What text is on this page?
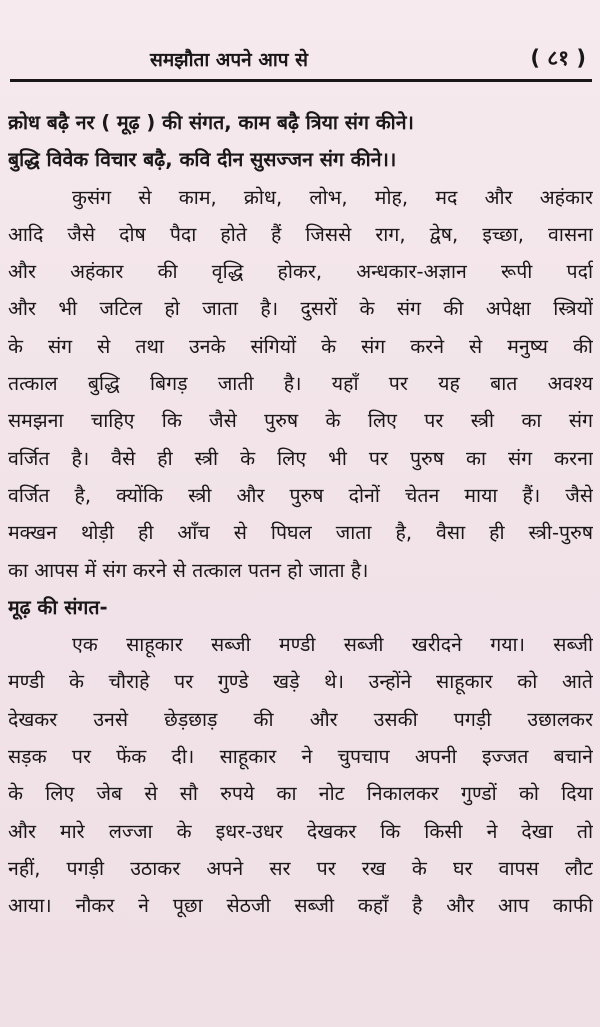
समझौता अपने आप से	( ८१ )
क्रोध बढ़ै नर ( मूढ़ ) की संगत, काम बढ़ै त्रिया संग कीने।
बुद्धि विवेक विचार बढ़ै, कवि दीन सुसज्जन संग कीने।।
कुसंग से काम, क्रोध, लोभ, मोह, मद और अहंकार
आदि जैसे दोष पैदा होते हैं जिससे राग, द्वेष, इच्छा, वासना
और अहंकार की वृद्धि होकर, अन्धकार-अज्ञान रूपी पर्दा
और भी जटिल हो जाता है। दुसरों के संग की अपेक्षा स्त्रियों
के संग से तथा उनके संगियों के संग करने से मनुष्य की
तत्काल बुद्धि बिगड़ जाती है। यहाँ पर यह बात अवश्य
समझना चाहिए कि जैसे पुरुष के लिए पर स्त्री का संग
वर्जित है। वैसे ही स्त्री के लिए भी पर पुरुष का संग करना
वर्जित है, क्योंकि स्त्री और पुरुष दोनों चेतन माया हैं। जैसे
मक्खन थोड़ी ही आँच से पिघल जाता है, वैसा ही स्त्री-पुरुष
का आपस में संग करने से तत्काल पतन हो जाता है।
मूढ़ की संगत-
एक साहूकार सब्जी मण्डी सब्जी खरीदने गया। सब्जी
मण्डी के चौराहे पर गुण्डे खड़े थे। उन्होंने साहूकार को आते
देखकर उनसे छेड़छाड़ की और उसकी पगड़ी उछालकर
सड़क पर फेंक दी। साहूकार ने चुपचाप अपनी इज्जत बचाने
के लिए जेब से सौ रुपये का नोट निकालकर गुण्डों को दिया
और मारे लज्जा के इधर-उधर देखकर कि किसी ने देखा तो
नहीं, पगड़ी उठाकर अपने सर पर रख के घर वापस लौट
आया। नौकर ने पूछा सेठजी सब्जी कहाँ है और आप काफी
